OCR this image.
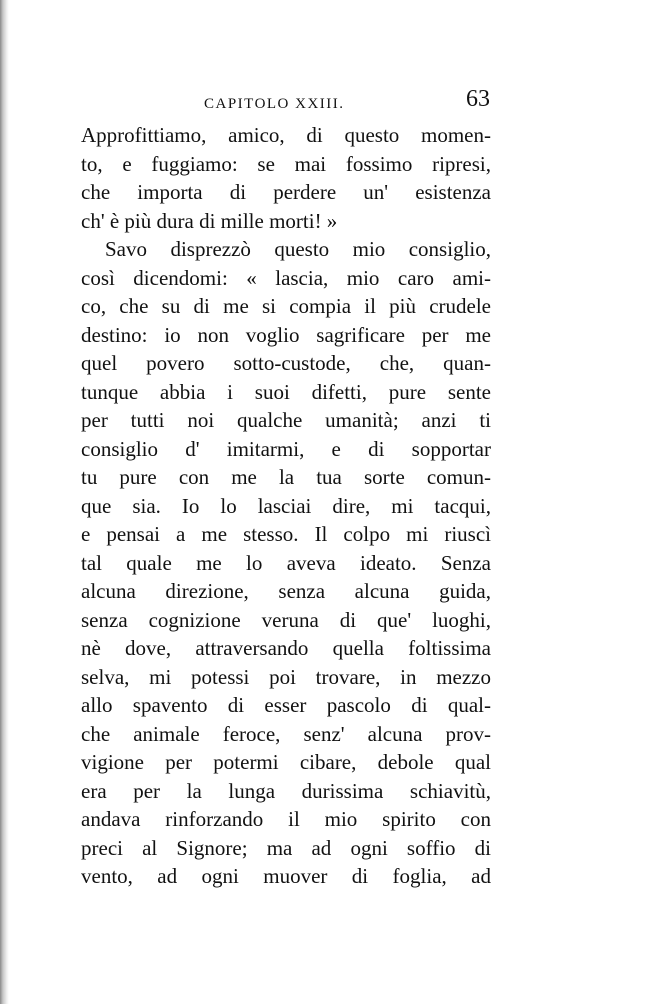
CAPITOLO XXIII.	63
Approfittiamo, amico, di questo momen-
to, e fuggiamo: se mai fossimo ripresi,
che importa di perdere un' esistenza
ch' è più dura di mille morti! »
Savo disprezzò questo mio consiglio,
così dicendomi: « lascia, mio caro ami-
co, che su di me si compia il più crudele
destino: io non voglio sagrificare per me
quel povero sotto-custode, che, quan-
tunque abbia i suoi difetti, pure sente
per tutti noi qualche umanità; anzi ti
consiglio d' imitarmi, e di sopportar
tu pure con me la tua sorte comun-
que sia. Io lo lasciai dire, mi tacqui,
e pensai a me stesso. Il colpo mi riuscì
tal quale me lo aveva ideato. Senza
alcuna direzione, senza alcuna guida,
senza cognizione veruna di que' luoghi,
nè dove, attraversando quella foltissima
selva, mi potessi poi trovare, in mezzo
allo spavento di esser pascolo di qual-
che animale feroce, senz' alcuna prov-
vigione per potermi cibare, debole qual
era per la lunga durissima schiavitù,
andava rinforzando il mio spirito con
preci al Signore; ma ad ogni soffio di
vento, ad ogni muover di foglia, ad
